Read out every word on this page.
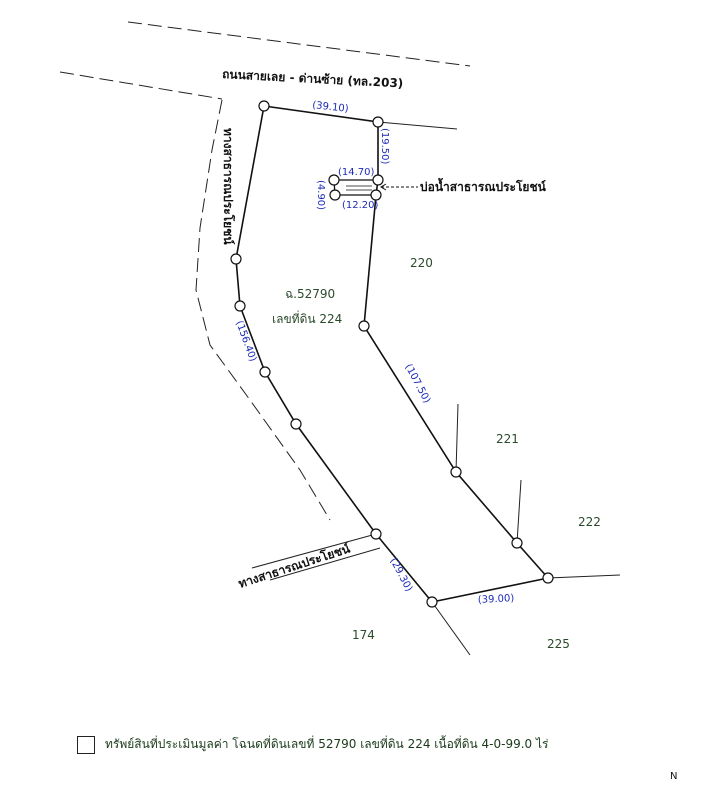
ถนนสายเลย - ด่านซ้าย (ทล.203)
ทางสาธารณประโยชน์
ทางสาธารณประโยชน์
บ่อน้ำสาธารณประโยชน์
(39.10)
(19.50)
(14.70)
(4.90) (12.20)
(156.40)
(107.50)
(29.30)
(39.00)
ฉ.52790
เลขที่ดิน 224
220
221
222
225
174
ทรัพย์สินที่ประเมินมูลค่า โฉนดที่ดินเลขที่ 52790 เลขที่ดิน 224 เนื้อที่ดิน 4-0-99.0 ไร่
N
